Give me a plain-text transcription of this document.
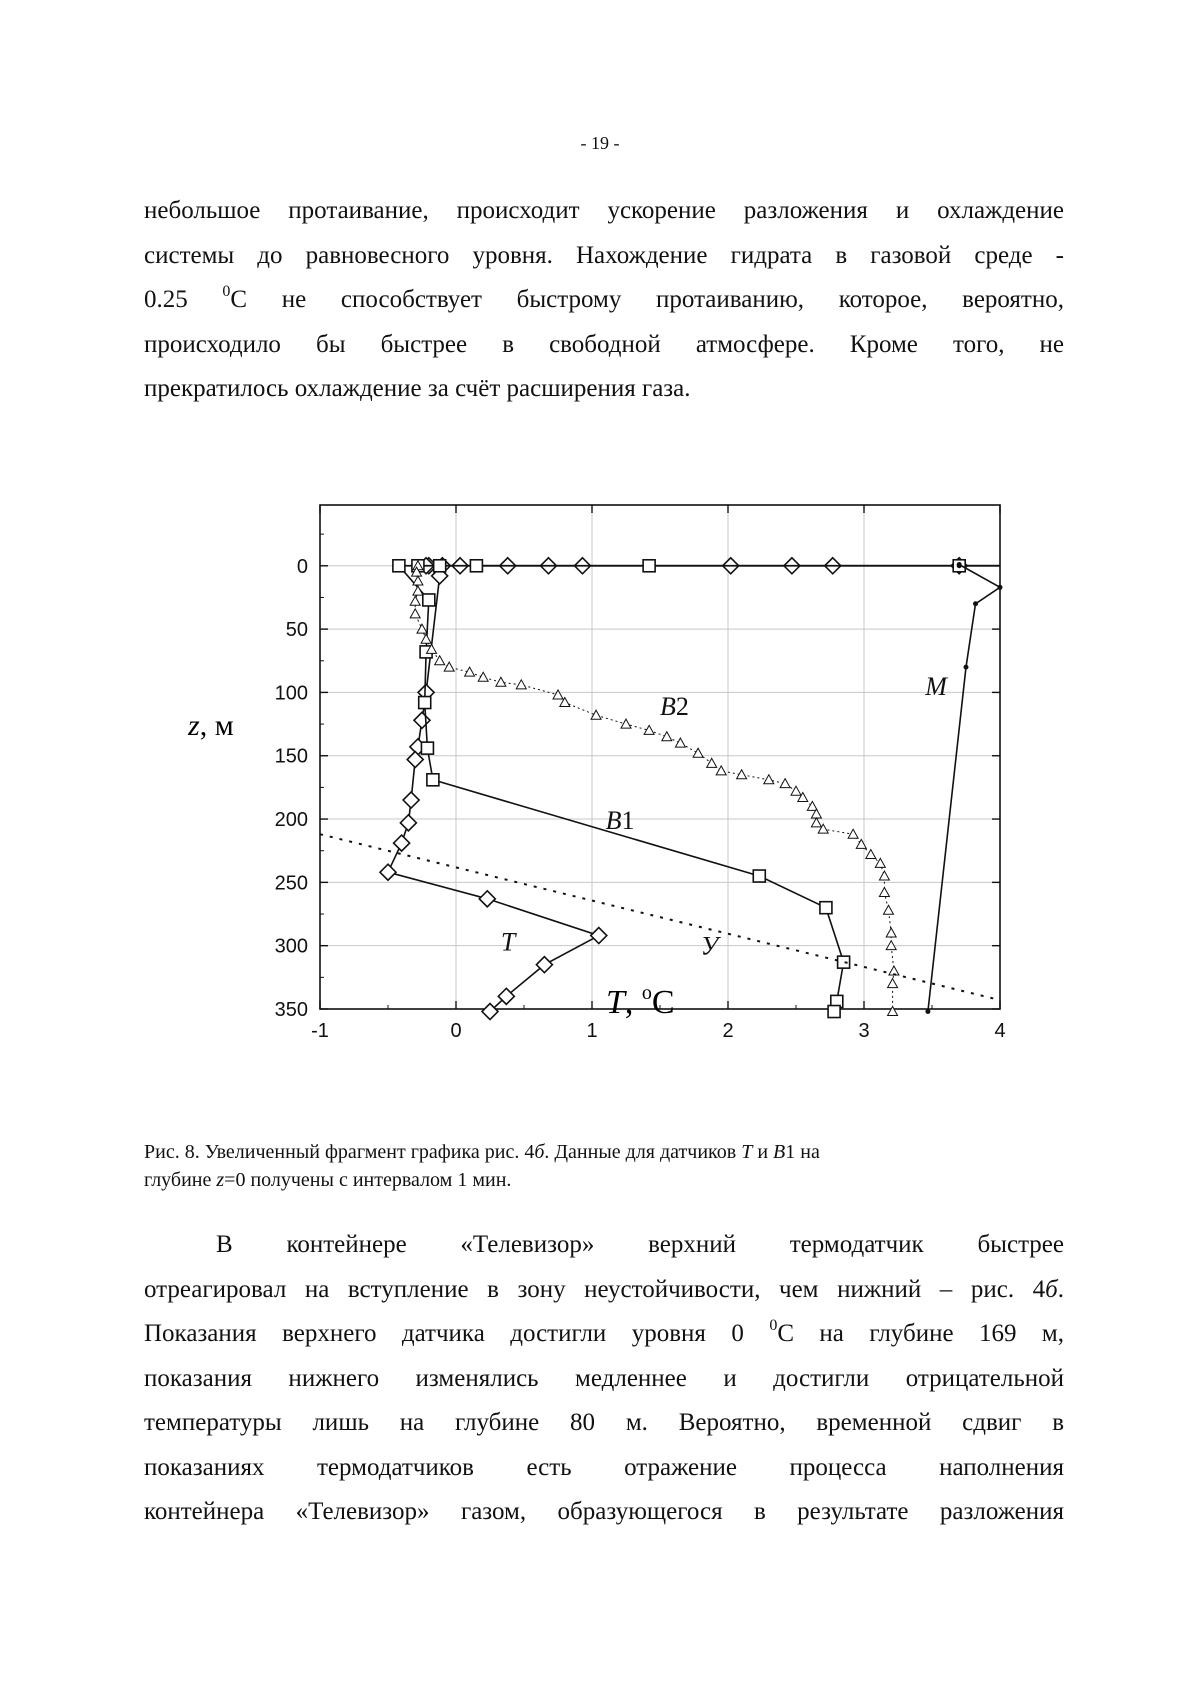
- 19 -
небольшое протаивание, происходит ускорение разложения и охлаждение
системы до равновесного уровня. Нахождение гидрата в газовой среде -
0.25 $^0$C не способствует быстрому протаиванию, которое, вероятно,
происходило бы быстрее в свободной атмосфере. Кроме того, не
прекратилось охлаждение за счёт расширения газа.
-1	0	1	2	3	4
0
50
100
150
200
250
300
350
B2
B1
T	У
M
z, м
T, $^o$C
Рис. 8. Увеличенный фрагмент графика рис. 4б. Данные для датчиков T и B1 на
глубине z=0 получены с интервалом 1 мин.
В контейнере «Телевизор» верхний термодатчик быстрее
отреагировал на вступление в зону неустойчивости, чем нижний – рис. 4б.
Показания верхнего датчика достигли уровня 0 $^0$C на глубине 169 м,
показания нижнего изменялись медленнее и достигли отрицательной
температуры лишь на глубине 80 м. Вероятно, временной сдвиг в
показаниях термодатчиков есть отражение процесса наполнения
контейнера «Телевизор» газом, образующегося в результате разложения
